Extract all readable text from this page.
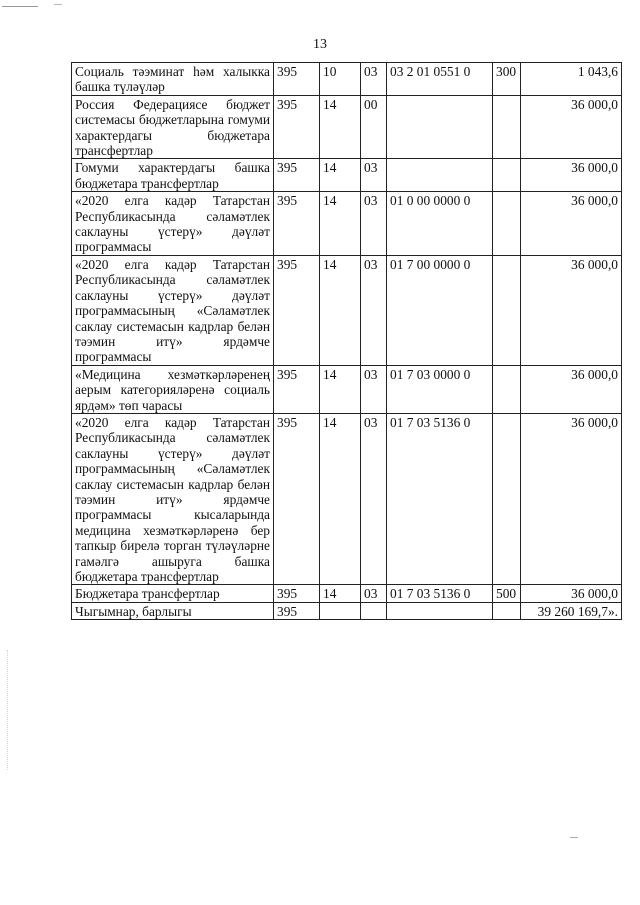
13
Социаль тәэминат һәм халыкка башка түләүләр	395	10	03	03 2 01 0551 0	300	1 043,6
Россия Федерациясе бюджет системасы бюджетларына гомуми характердагы бюджетара трансфертлар	395	14	00			36 000,0
Гомуми характердагы башка бюджетара трансфертлар	395	14	03			36 000,0
«2020 елга кадәр Татарстан Республикасында сәламәтлек саклауны үстерү» дәүләт программасы	395	14	03	01 0 00 0000 0		36 000,0
«2020 елга кадәр Татарстан Республикасында сәламәтлек саклауны үстерү» дәүләт программасының «Сәламәтлек саклау системасын кадрлар белән тәэмин итү» ярдәмче программасы	395	14	03	01 7 00 0000 0		36 000,0
«Медицина хезмәткәрләренең аерым категорияләренә социаль ярдәм» төп чарасы	395	14	03	01 7 03 0000 0		36 000,0
«2020 елга кадәр Татарстан Республикасында сәламәтлек саклауны үстерү» дәүләт программасының «Сәламәтлек саклау системасын кадрлар белән тәэмин итү» ярдәмче программасы кысаларында медицина хезмәткәрләренә бер тапкыр бирелә торган түләүләрне гамәлгә ашыруга башка бюджетара трансфертлар	395	14	03	01 7 03 5136 0		36 000,0
Бюджетара трансфертлар	395	14	03	01 7 03 5136 0	500	36 000,0
Чыгымнар, барлыгы	395					39 260 169,7».
